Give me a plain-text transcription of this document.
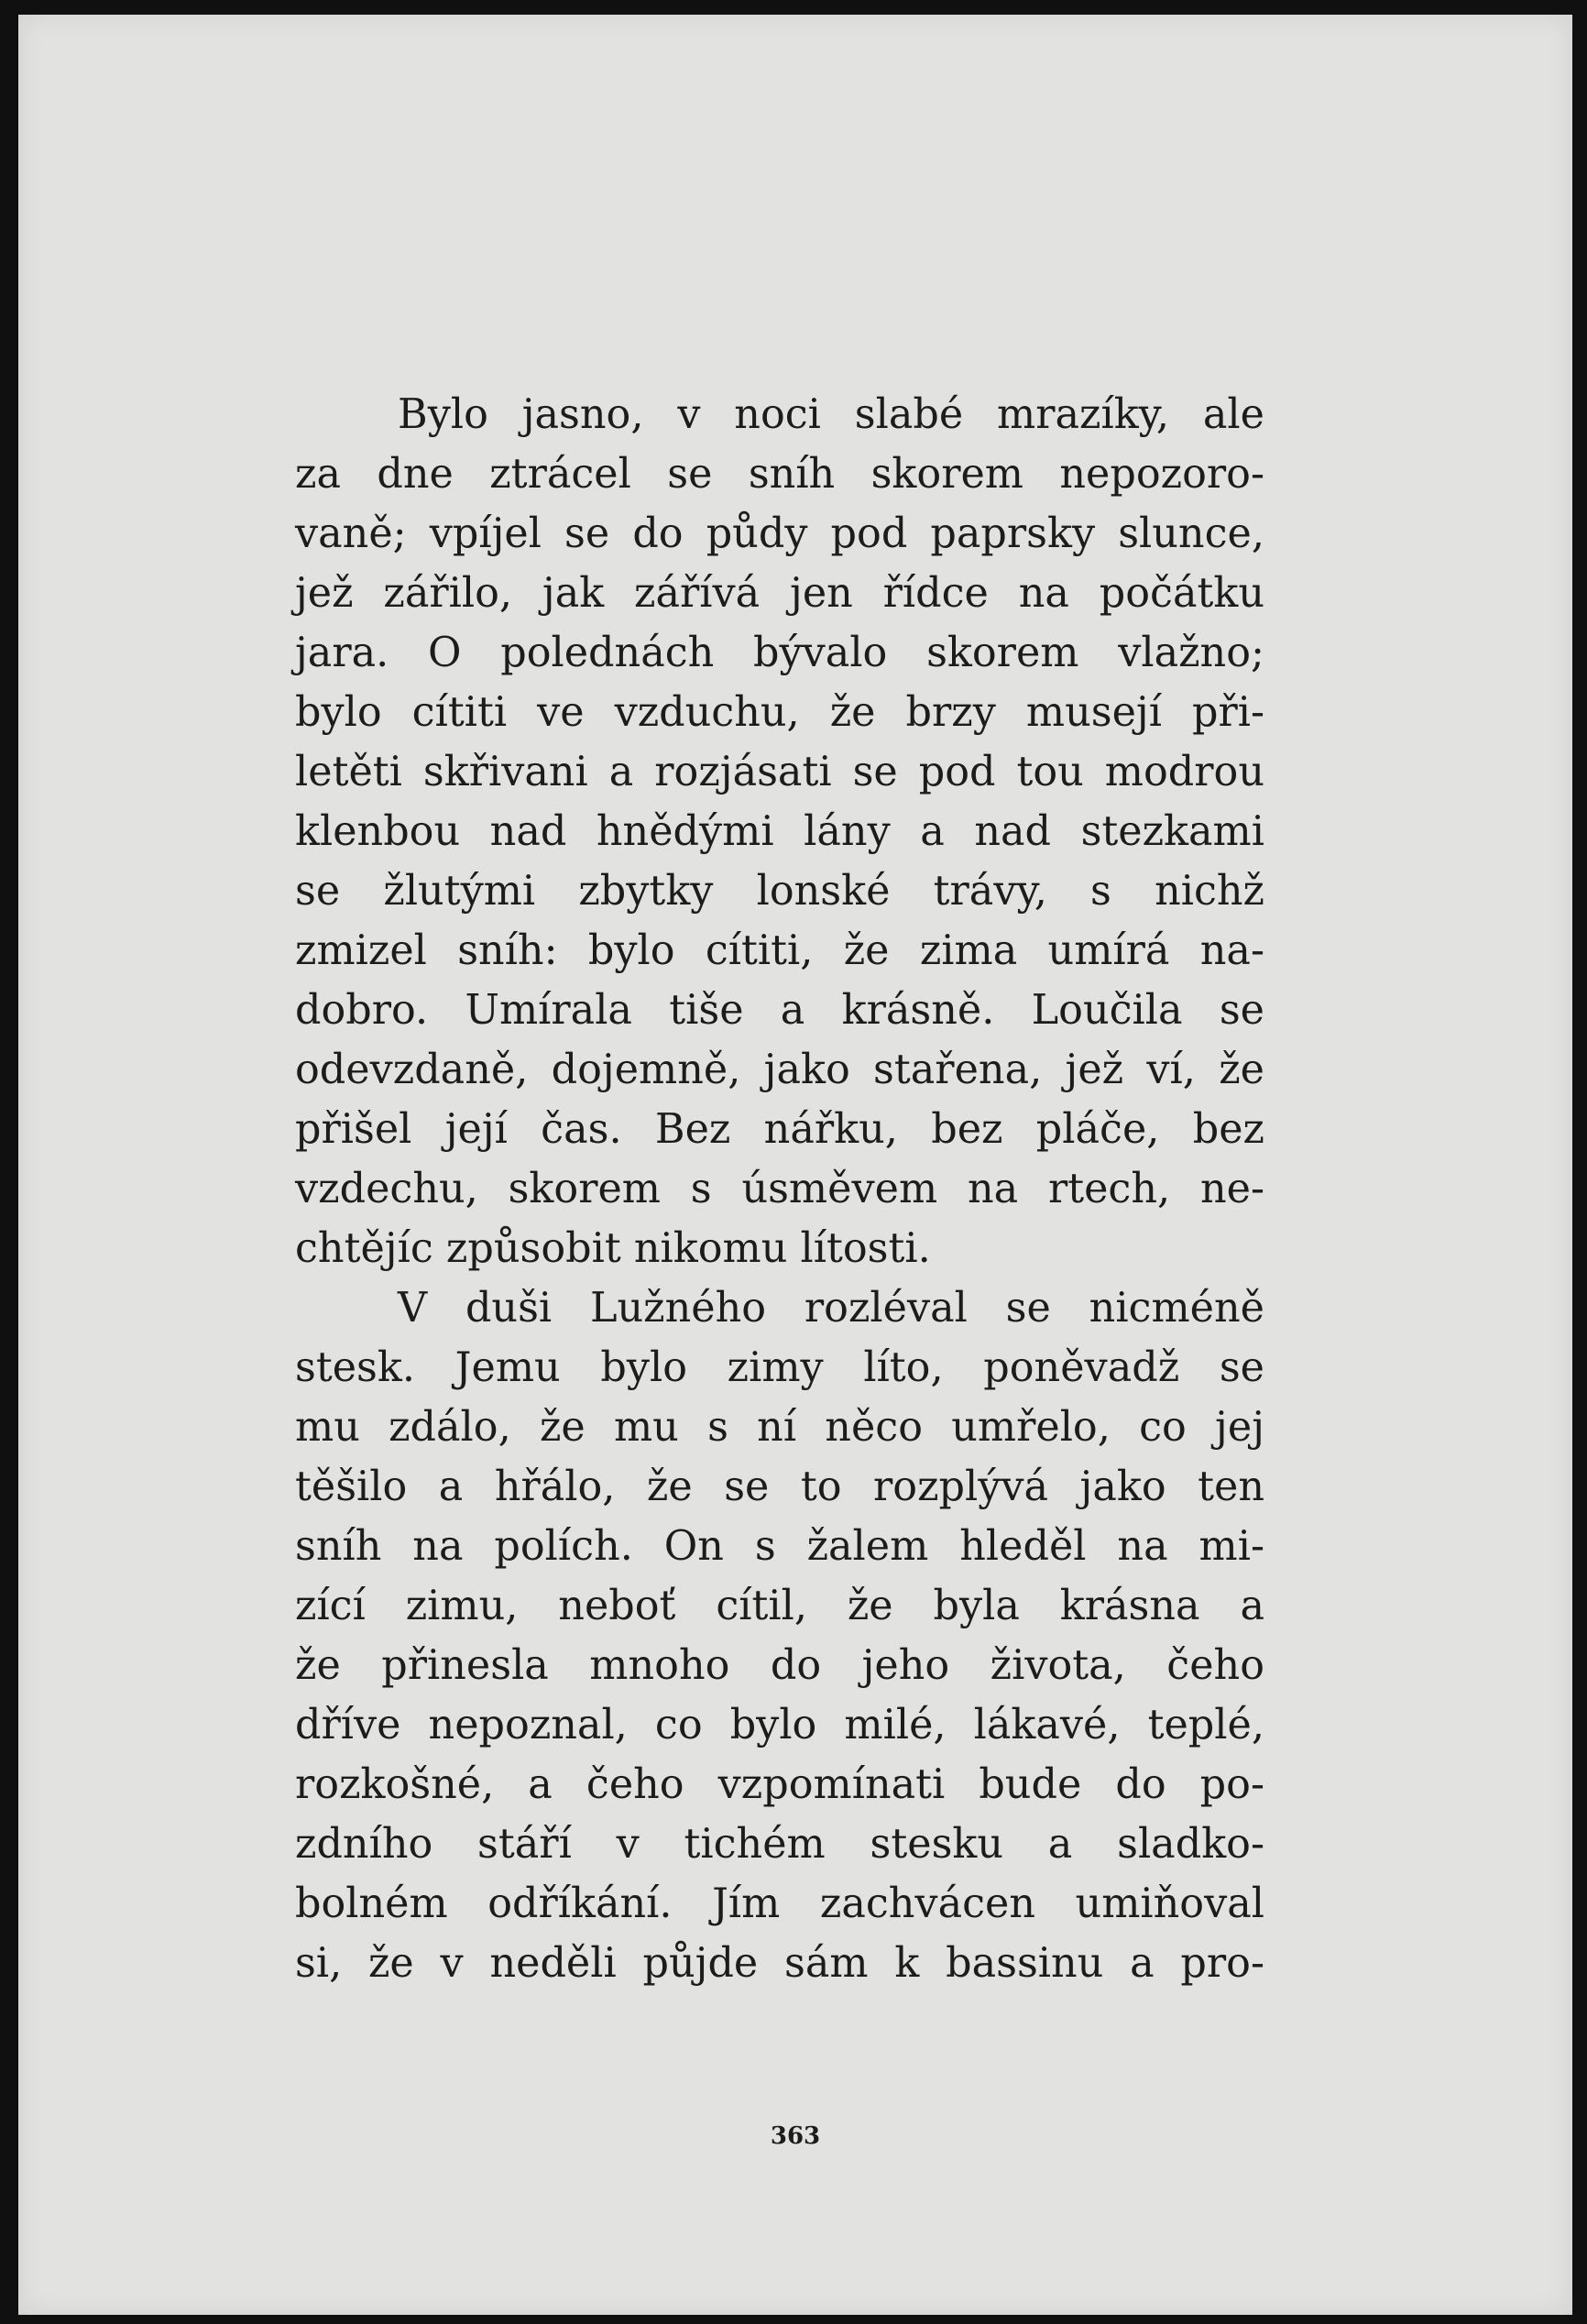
Bylo jasno, v noci slabé mrazíky, ale
za dne ztrácel se sníh skorem nepozoro-
vaně; vpíjel se do půdy pod paprsky slunce,
jež zářilo, jak zářívá jen řídce na počátku
jara. O polednách bývalo skorem vlažno;
bylo cítiti ve vzduchu, že brzy musejí při-
letěti skřivani a rozjásati se pod tou modrou
klenbou nad hnědými lány a nad stezkami
se žlutými zbytky lonské trávy, s nichž
zmizel sníh: bylo cítiti, že zima umírá na-
dobro. Umírala tiše a krásně. Loučila se
odevzdaně, dojemně, jako stařena, jež ví, že
přišel její čas. Bez nářku, bez pláče, bez
vzdechu, skorem s úsměvem na rtech, ne-
chtějíc způsobit nikomu lítosti.
V duši Lužného rozléval se nicméně
stesk. Jemu bylo zimy líto, poněvadž se
mu zdálo, že mu s ní něco umřelo, co jej
těšilo a hřálo, že se to rozplývá jako ten
sníh na polích. On s žalem hleděl na mi-
zící zimu, neboť cítil, že byla krásna a
že přinesla mnoho do jeho života, čeho
dříve nepoznal, co bylo milé, lákavé, teplé,
rozkošné, a čeho vzpomínati bude do po-
zdního stáří v tichém stesku a sladko-
bolném odříkání. Jím zachvácen umiňoval
si, že v neděli půjde sám k bassinu a pro-
363
